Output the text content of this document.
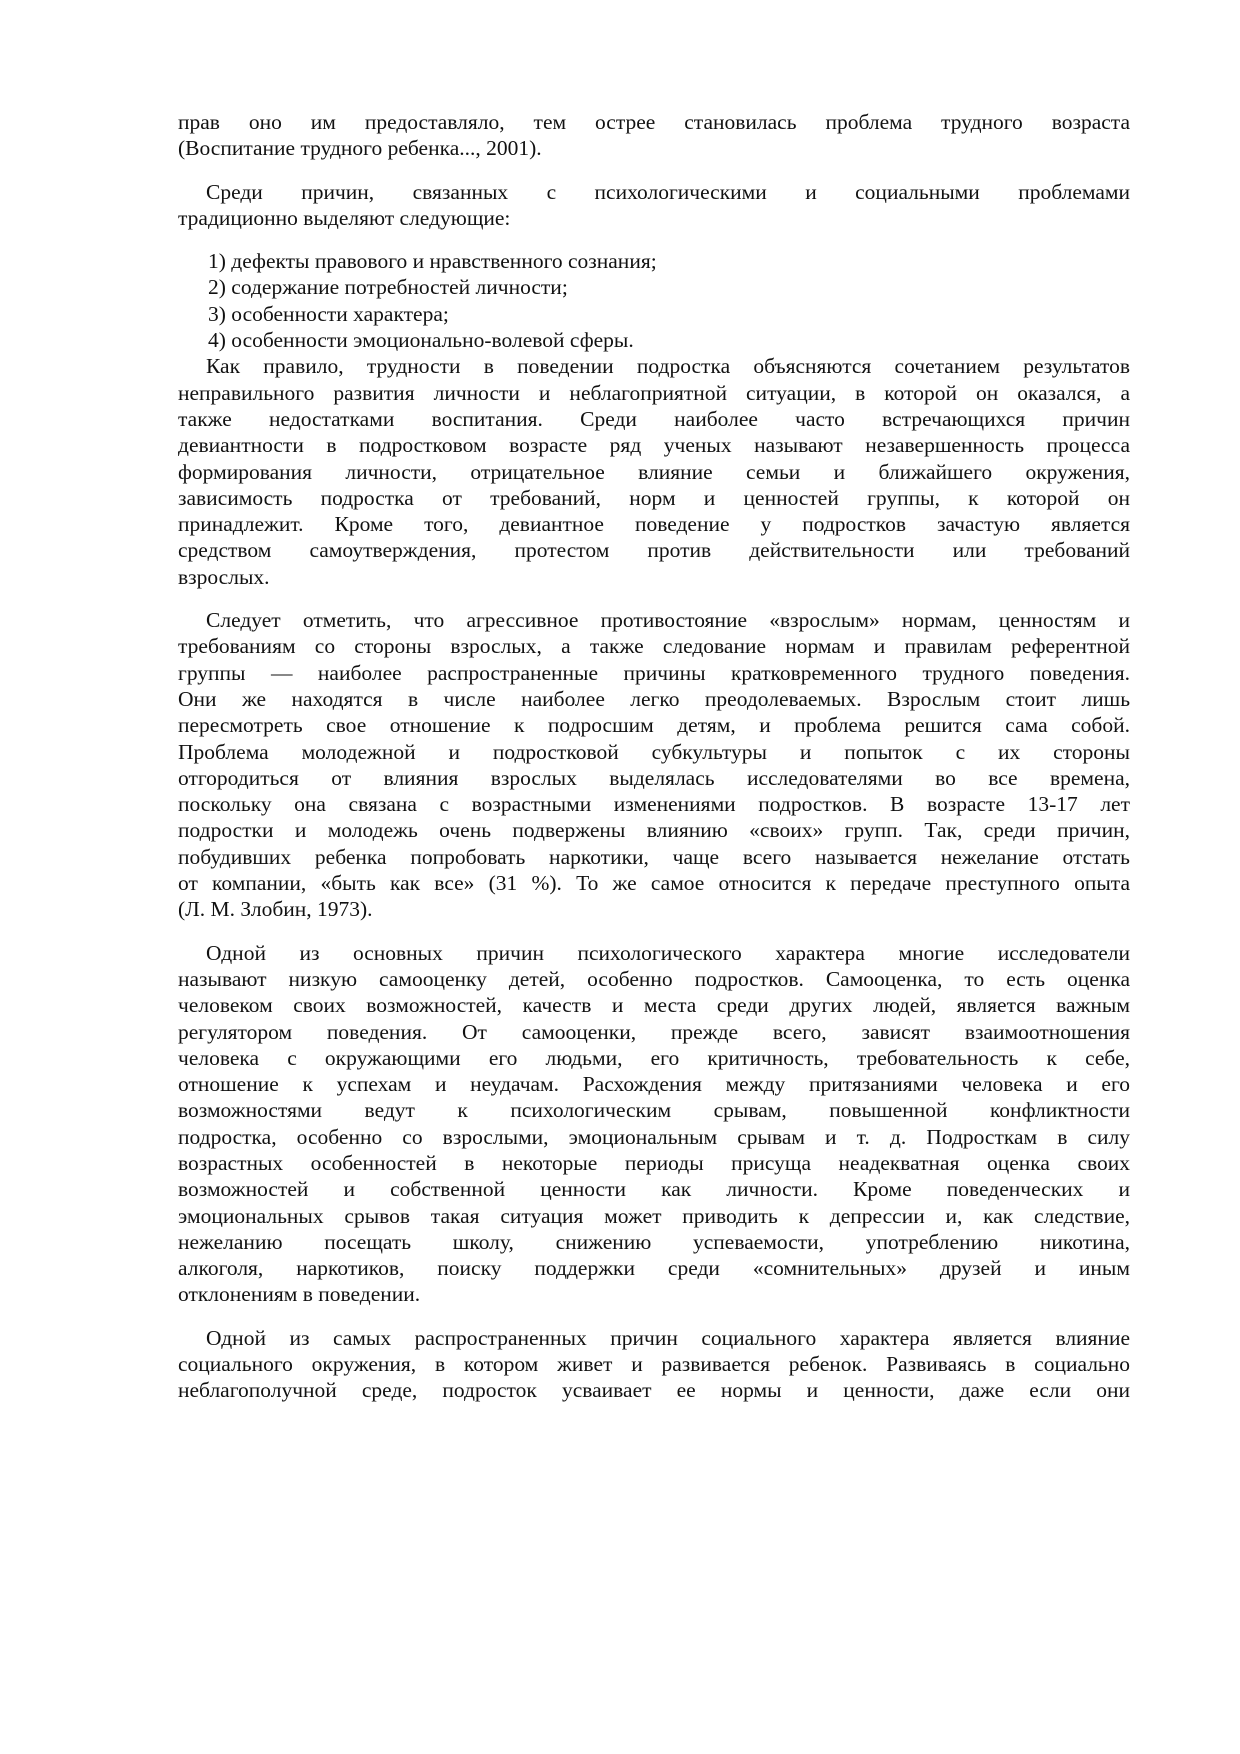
прав оно им предоставляло, тем острее становилась проблема трудного возраста
(Воспитание трудного ребенка..., 2001).
Среди причин, связанных с психологическими и социальными проблемами
традиционно выделяют следующие:
1) дефекты правового и нравственного сознания;
2) содержание потребностей личности;
3) особенности характера;
4) особенности эмоционально-волевой сферы.
Как правило, трудности в поведении подростка объясняются сочетанием результатов
неправильного развития личности и неблагоприятной ситуации, в которой он оказался, а
также недостатками воспитания. Среди наиболее часто встречающихся причин
девиантности в подростковом возрасте ряд ученых называют незавершенность процесса
формирования личности, отрицательное влияние семьи и ближайшего окружения,
зависимость подростка от требований, норм и ценностей группы, к которой он
принадлежит. Кроме того, девиантное поведение у подростков зачастую является
средством самоутверждения, протестом против действительности или требований
взрослых.
Следует отметить, что агрессивное противостояние «взрослым» нормам, ценностям и
требованиям со стороны взрослых, а также следование нормам и правилам референтной
группы — наиболее распространенные причины кратковременного трудного поведения.
Они же находятся в числе наиболее легко преодолеваемых. Взрослым стоит лишь
пересмотреть свое отношение к подросшим детям, и проблема решится сама собой.
Проблема молодежной и подростковой субкультуры и попыток с их стороны
отгородиться от влияния взрослых выделялась исследователями во все времена,
поскольку она связана с возрастными изменениями подростков. В возрасте 13-17 лет
подростки и молодежь очень подвержены влиянию «своих» групп. Так, среди причин,
побудивших ребенка попробовать наркотики, чаще всего называется нежелание отстать
от компании, «быть как все» (31 %). То же самое относится к передаче преступного опыта
(Л. М. Злобин, 1973).
Одной из основных причин психологического характера многие исследователи
называют низкую самооценку детей, особенно подростков. Самооценка, то есть оценка
человеком своих возможностей, качеств и места среди других людей, является важным
регулятором поведения. От самооценки, прежде всего, зависят взаимоотношения
человека с окружающими его людьми, его критичность, требовательность к себе,
отношение к успехам и неудачам. Расхождения между притязаниями человека и его
возможностями ведут к психологическим срывам, повышенной конфликтности
подростка, особенно со взрослыми, эмоциональным срывам и т. д. Подросткам в силу
возрастных особенностей в некоторые периоды присуща неадекватная оценка своих
возможностей и собственной ценности как личности. Кроме поведенческих и
эмоциональных срывов такая ситуация может приводить к депрессии и, как следствие,
нежеланию посещать школу, снижению успеваемости, употреблению никотина,
алкоголя, наркотиков, поиску поддержки среди «сомнительных» друзей и иным
отклонениям в поведении.
Одной из самых распространенных причин социального характера является влияние
социального окружения, в котором живет и развивается ребенок. Развиваясь в социально
неблагополучной среде, подросток усваивает ее нормы и ценности, даже если они
